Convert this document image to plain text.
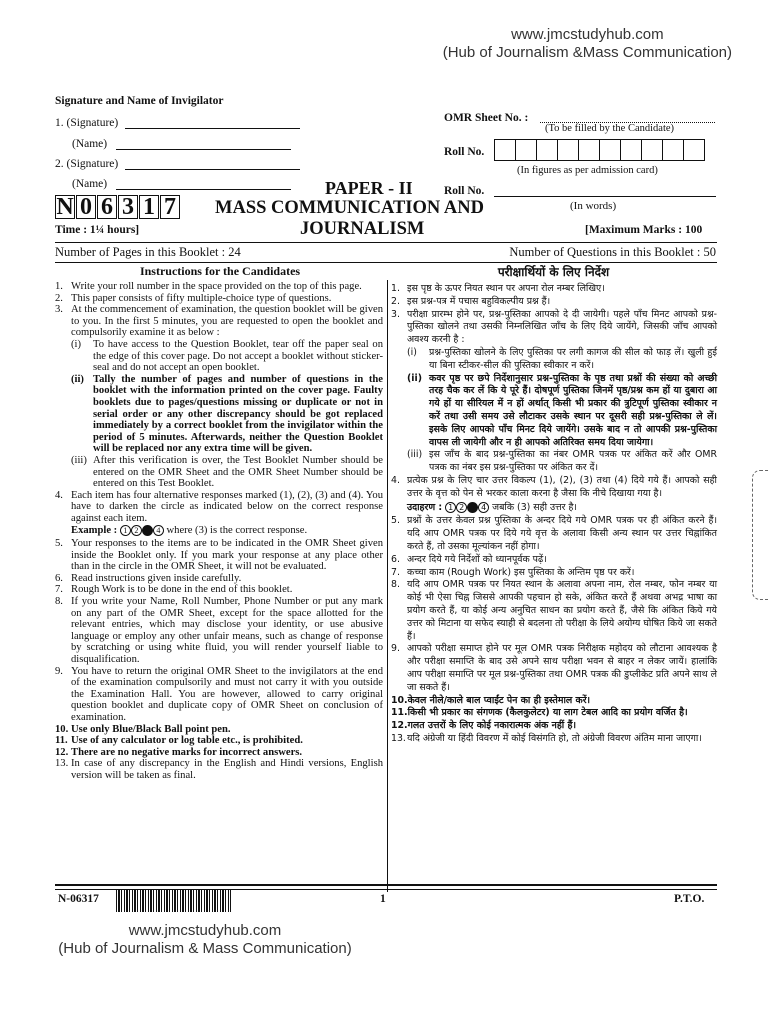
www.jmcstudyhub.com
(Hub of Journalism &Mass Communication)
Signature and Name of Invigilator
1. (Signature)
(Name)
2. (Signature)
(Name)
OMR Sheet No. :
(To be filled by the Candidate)
Roll No.
(In figures as per admission card)
PAPER - II	Roll No.
(In words)
N 0 6 3 1 7 MASS COMMUNICATION AND
JOURNALISM
Time : 1¼ hours]	[Maximum Marks : 100
Number of Pages in this Booklet : 24	Number of Questions in this Booklet : 50
Instructions for the Candidates	परीक्षार्थियों के लिए निर्देश
1. Write your roll number in the space provided on the top of this page.
2. This paper consists of fifty multiple-choice type of questions.
3. At the commencement of examination, the question booklet will be given to you. In the first 5 minutes, you are requested to open the booklet and compulsorily examine it as below :
(i)	To have access to the Question Booklet, tear off the paper seal on the edge of this cover page. Do not accept a booklet without sticker-seal and do not accept an open booklet.
(ii) Tally the number of pages and number of questions in the booklet with the information printed on the cover page. Faulty booklets due to pages/questions missing or duplicate or not in serial order or any other discrepancy should be got replaced immediately by a correct booklet from the invigilator within the period of 5 minutes. Afterwards, neither the Question Booklet will be replaced nor any extra time will be given.
(iii) After this verification is over, the Test Booklet Number should be entered on the OMR Sheet and the OMR Sheet Number should be entered on this Test Booklet.
4. Each item has four alternative responses marked (1), (2), (3) and (4). You have to darken the circle as indicated below on the correct response against each item.
Example :
1 2	4
where (3) is the correct response.
5. Your responses to the items are to be indicated in the OMR Sheet given inside the Booklet only. If you mark your response at any place other than in the circle in the OMR Sheet, it will not be evaluated.
6. Read instructions given inside carefully.
7. Rough Work is to be done in the end of this booklet.
8. If you write your Name, Roll Number, Phone Number or put any mark on any part of the OMR Sheet, except for the space allotted for the relevant entries, which may disclose your identity, or use abusive language or employ any other unfair means, such as change of response by scratching or using white fluid, you will render yourself liable to disqualification.
9. You have to return the original OMR Sheet to the invigilators at the end of the examination compulsorily and must not carry it with you outside the Examination Hall. You are however, allowed to carry original question booklet and duplicate copy of OMR Sheet on conclusion of examination.
10. Use only Blue/Black Ball point pen.
11. Use of any calculator or log table etc., is prohibited.
12. There are no negative marks for incorrect answers.
13. In case of any discrepancy in the English and Hindi versions, English version will be taken as final.
1. इस पृष्ठ के ऊपर नियत स्थान पर अपना रोल नम्बर लिखिए।
2. इस प्रश्न-पत्र में पचास बहुविकल्पीय प्रश्न हैं।
3. परीक्षा प्रारम्भ होने पर, प्रश्न-पुस्तिका आपको दे दी जायेगी। पहले पाँच मिनट आपको प्रश्न-पुस्तिका खोलने तथा उसकी निम्नलिखित जाँच के लिए दिये जायेंगे, जिसकी जाँच आपको अवश्य करनी है :
(i)	प्रश्न-पुस्तिका खोलने के लिए पुस्तिका पर लगी कागज की सील को फाड़ लें। खुली हुई या बिना स्टीकर-सील की पुस्तिका स्वीकार न करें।
(ii) कवर पृष्ठ पर छपे निर्देशानुसार प्रश्न-पुस्तिका के पृष्ठ तथा प्रश्नों की संख्या को अच्छी तरह चैक कर लें कि ये पूरे हैं। दोषपूर्ण पुस्तिका जिनमें पृष्ठ/प्रश्न कम हों या दुबारा आ गये हों या सीरियल में न हों अर्थात् किसी भी प्रकार की त्रुटिपूर्ण पुस्तिका स्वीकार न करें तथा उसी समय उसे लौटाकर उसके स्थान पर दूसरी सही प्रश्न-पुस्तिका ले लें। इसके लिए आपको पाँच मिनट दिये जायेंगे। उसके बाद न तो आपकी प्रश्न-पुस्तिका वापस ली जायेगी और न ही आपको अतिरिक्त समय दिया जायेगा।
(iii) इस जाँच के बाद प्रश्न-पुस्तिका का नंबर OMR पत्रक पर अंकित करें और OMR पत्रक का नंबर इस प्रश्न-पुस्तिका पर अंकित कर दें।
4. प्रत्येक प्रश्न के लिए चार उत्तर विकल्प (1), (2), (3) तथा (4) दिये गये हैं। आपको सही उत्तर के वृत्त को पेन से भरकर काला करना है जैसा कि नीचे दिखाया गया है।
उदाहरण :
1 2	4
जबकि (3) सही उत्तर है।
5. प्रश्नों के उत्तर केवल प्रश्न पुस्तिका के अन्दर दिये गये OMR पत्रक पर ही अंकित करने हैं। यदि आप OMR पत्रक पर दिये गये वृत्त के अलावा किसी अन्य स्थान पर उत्तर चिह्नांकित करते हैं, तो उसका मूल्यांकन नहीं होगा।
6. अन्दर दिये गये निर्देशों को ध्यानपूर्वक पढ़ें।
7. कच्चा काम (Rough Work) इस पुस्तिका के अन्तिम पृष्ठ पर करें।
8. यदि आप OMR पत्रक पर नियत स्थान के अलावा अपना नाम, रोल नम्बर, फोन नम्बर या कोई भी ऐसा चिह्न जिससे आपकी पहचान हो सके, अंकित करते हैं अथवा अभद्र भाषा का प्रयोग करते हैं, या कोई अन्य अनुचित साधन का प्रयोग करते हैं, जैसे कि अंकित किये गये उत्तर को मिटाना या सफेद स्याही से बदलना तो परीक्षा के लिये अयोग्य घोषित किये जा सकते हैं।
9. आपको परीक्षा समाप्त होने पर मूल OMR पत्रक निरीक्षक महोदय को लौटाना आवश्यक है और परीक्षा समाप्ति के बाद उसे अपने साथ परीक्षा भवन से बाहर न लेकर जायें। हालांकि आप परीक्षा समाप्ति पर मूल प्रश्न-पुस्तिका तथा OMR पत्रक की डुप्लीकेट प्रति अपने साथ ले जा सकते हैं।
10. केवल नीले/काले बाल प्वाईंट पेन का ही इस्तेमाल करें।
11. किसी भी प्रकार का संगणक (कैलकुलेटर) या लाग टेबल आदि का प्रयोग वर्जित है।
12. गलत उत्तरों के लिए कोई नकारात्मक अंक नहीं हैं।
13. यदि अंग्रेजी या हिंदी विवरण में कोई विसंगति हो, तो अंग्रेजी विवरण अंतिम माना जाएगा।
N-06317	1	P.T.O.
www.jmcstudyhub.com
(Hub of Journalism & Mass Communication)
